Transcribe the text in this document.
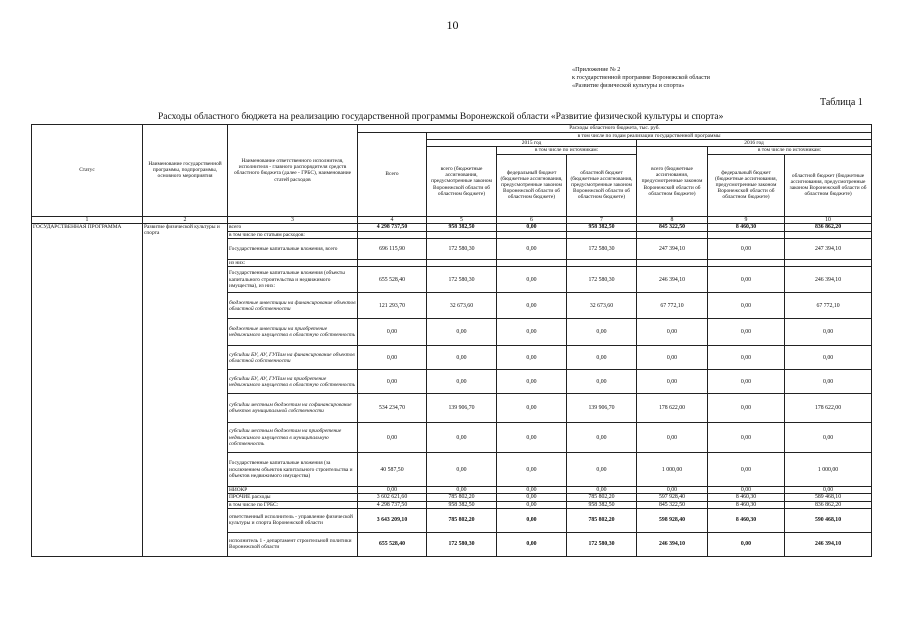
10
«Приложение № 2
к государственной программе Воронежской области
«Развитие физической культуры и спорта»
Таблица 1
Расходы областного бюджета на реализацию государственной программы Воронежской области «Развитие физической культуры и спорта»
Статус	Наименование государственной программы, подпрограммы, основного мероприятия	Наименование ответственного исполнителя, исполнителя - главного распорядителя средств областного бюджета (далее - ГРБС), наименование статей расходов	Расходы областного бюджета, тыс. руб.						
			Всего	в том числе по годам реализации государственной программы					
				2015 год			2016 год		
				всего (бюджетные ассигнования, предусмотренные законом Воронежской области об областном бюджете)	в том числе по источникам:		всего (бюджетные ассигнования, предусмотренные законом Воронежской области об областном бюджете)	в том числе по источникам:	
					федеральный бюджет (бюджетные ассигнования, предусмотренные законом Воронежской области об областном бюджете)	областной бюджет (бюджетные ассигнования, предусмотренные законом Воронежской области об областном бюджете)		федеральный бюджет (бюджетные ассигнования, предусмотренные законом Воронежской области об областном бюджете)	областной бюджет (бюджетные ассигнования, предусмотренные законом Воронежской области об областном бюджете)
1	2	3	4	5	6	7	8	9	10
ГОСУДАРСТВЕННАЯ ПРОГРАММА	Развитие физической культуры и спорта	всего	4 298 737,50	958 382,50	0,00	958 382,50	845 322,50	8 460,30	836 862,20
		в том числе по статьям расходов:							
		Государственные капитальные вложения, всего	696 115,90	172 580,30	0,00	172 580,30	247 394,10	0,00	247 394,10
		из них:							
		Государственные капитальные вложения (объекты капитального строительства и недвижимого имущества), из них:	655 528,40	172 580,30	0,00	172 580,30	246 394,10	0,00	246 394,10
		бюджетные инвестиции на финансирование объектов областной собственности	121 293,70	32 673,60	0,00	32 673,60	67 772,10	0,00	67 772,10
		бюджетные инвестиции на приобретение недвижимого имущества в областную собственность	0,00	0,00	0,00	0,00	0,00	0,00	0,00
		субсидии БУ, АУ, ГУПам на финансирование объектов областной собственности	0,00	0,00	0,00	0,00	0,00	0,00	0,00
		субсидии БУ, АУ, ГУПам на приобретение недвижимого имущества в областную собственность	0,00	0,00	0,00	0,00	0,00	0,00	0,00
		субсидии местным бюджетам на софинансирование объектов муниципальной собственности	534 234,70	139 906,70	0,00	139 906,70	178 622,00	0,00	178 622,00
		субсидии местным бюджетам на приобретение недвижимого имущества в муниципальную собственность	0,00	0,00	0,00	0,00	0,00	0,00	0,00
		Государственные капитальные вложения (за исключением объектов капитального строительства и объектов недвижимого имущества)	40 587,50	0,00	0,00	0,00	1 000,00	0,00	1 000,00
		НИОКР	0,00	0,00	0,00	0,00	0,00	0,00	0,00
		ПРОЧИЕ расходы	3 602 621,60	785 802,20	0,00	785 802,20	597 928,40	8 460,30	589 468,10
		в том числе по ГРБС:	4 298 737,50	958 382,50	0,00	958 382,50	845 322,50	8 460,30	836 862,20
		ответственный исполнитель - управление физической культуры и спорта Воронежской области	3 643 209,10	785 802,20	0,00	785 802,20	598 928,40	8 460,30	590 468,10
		исполнитель 1 - департамент строительной политики Воронежской области	655 528,40	172 580,30	0,00	172 580,30	246 394,10	0,00	246 394,10
